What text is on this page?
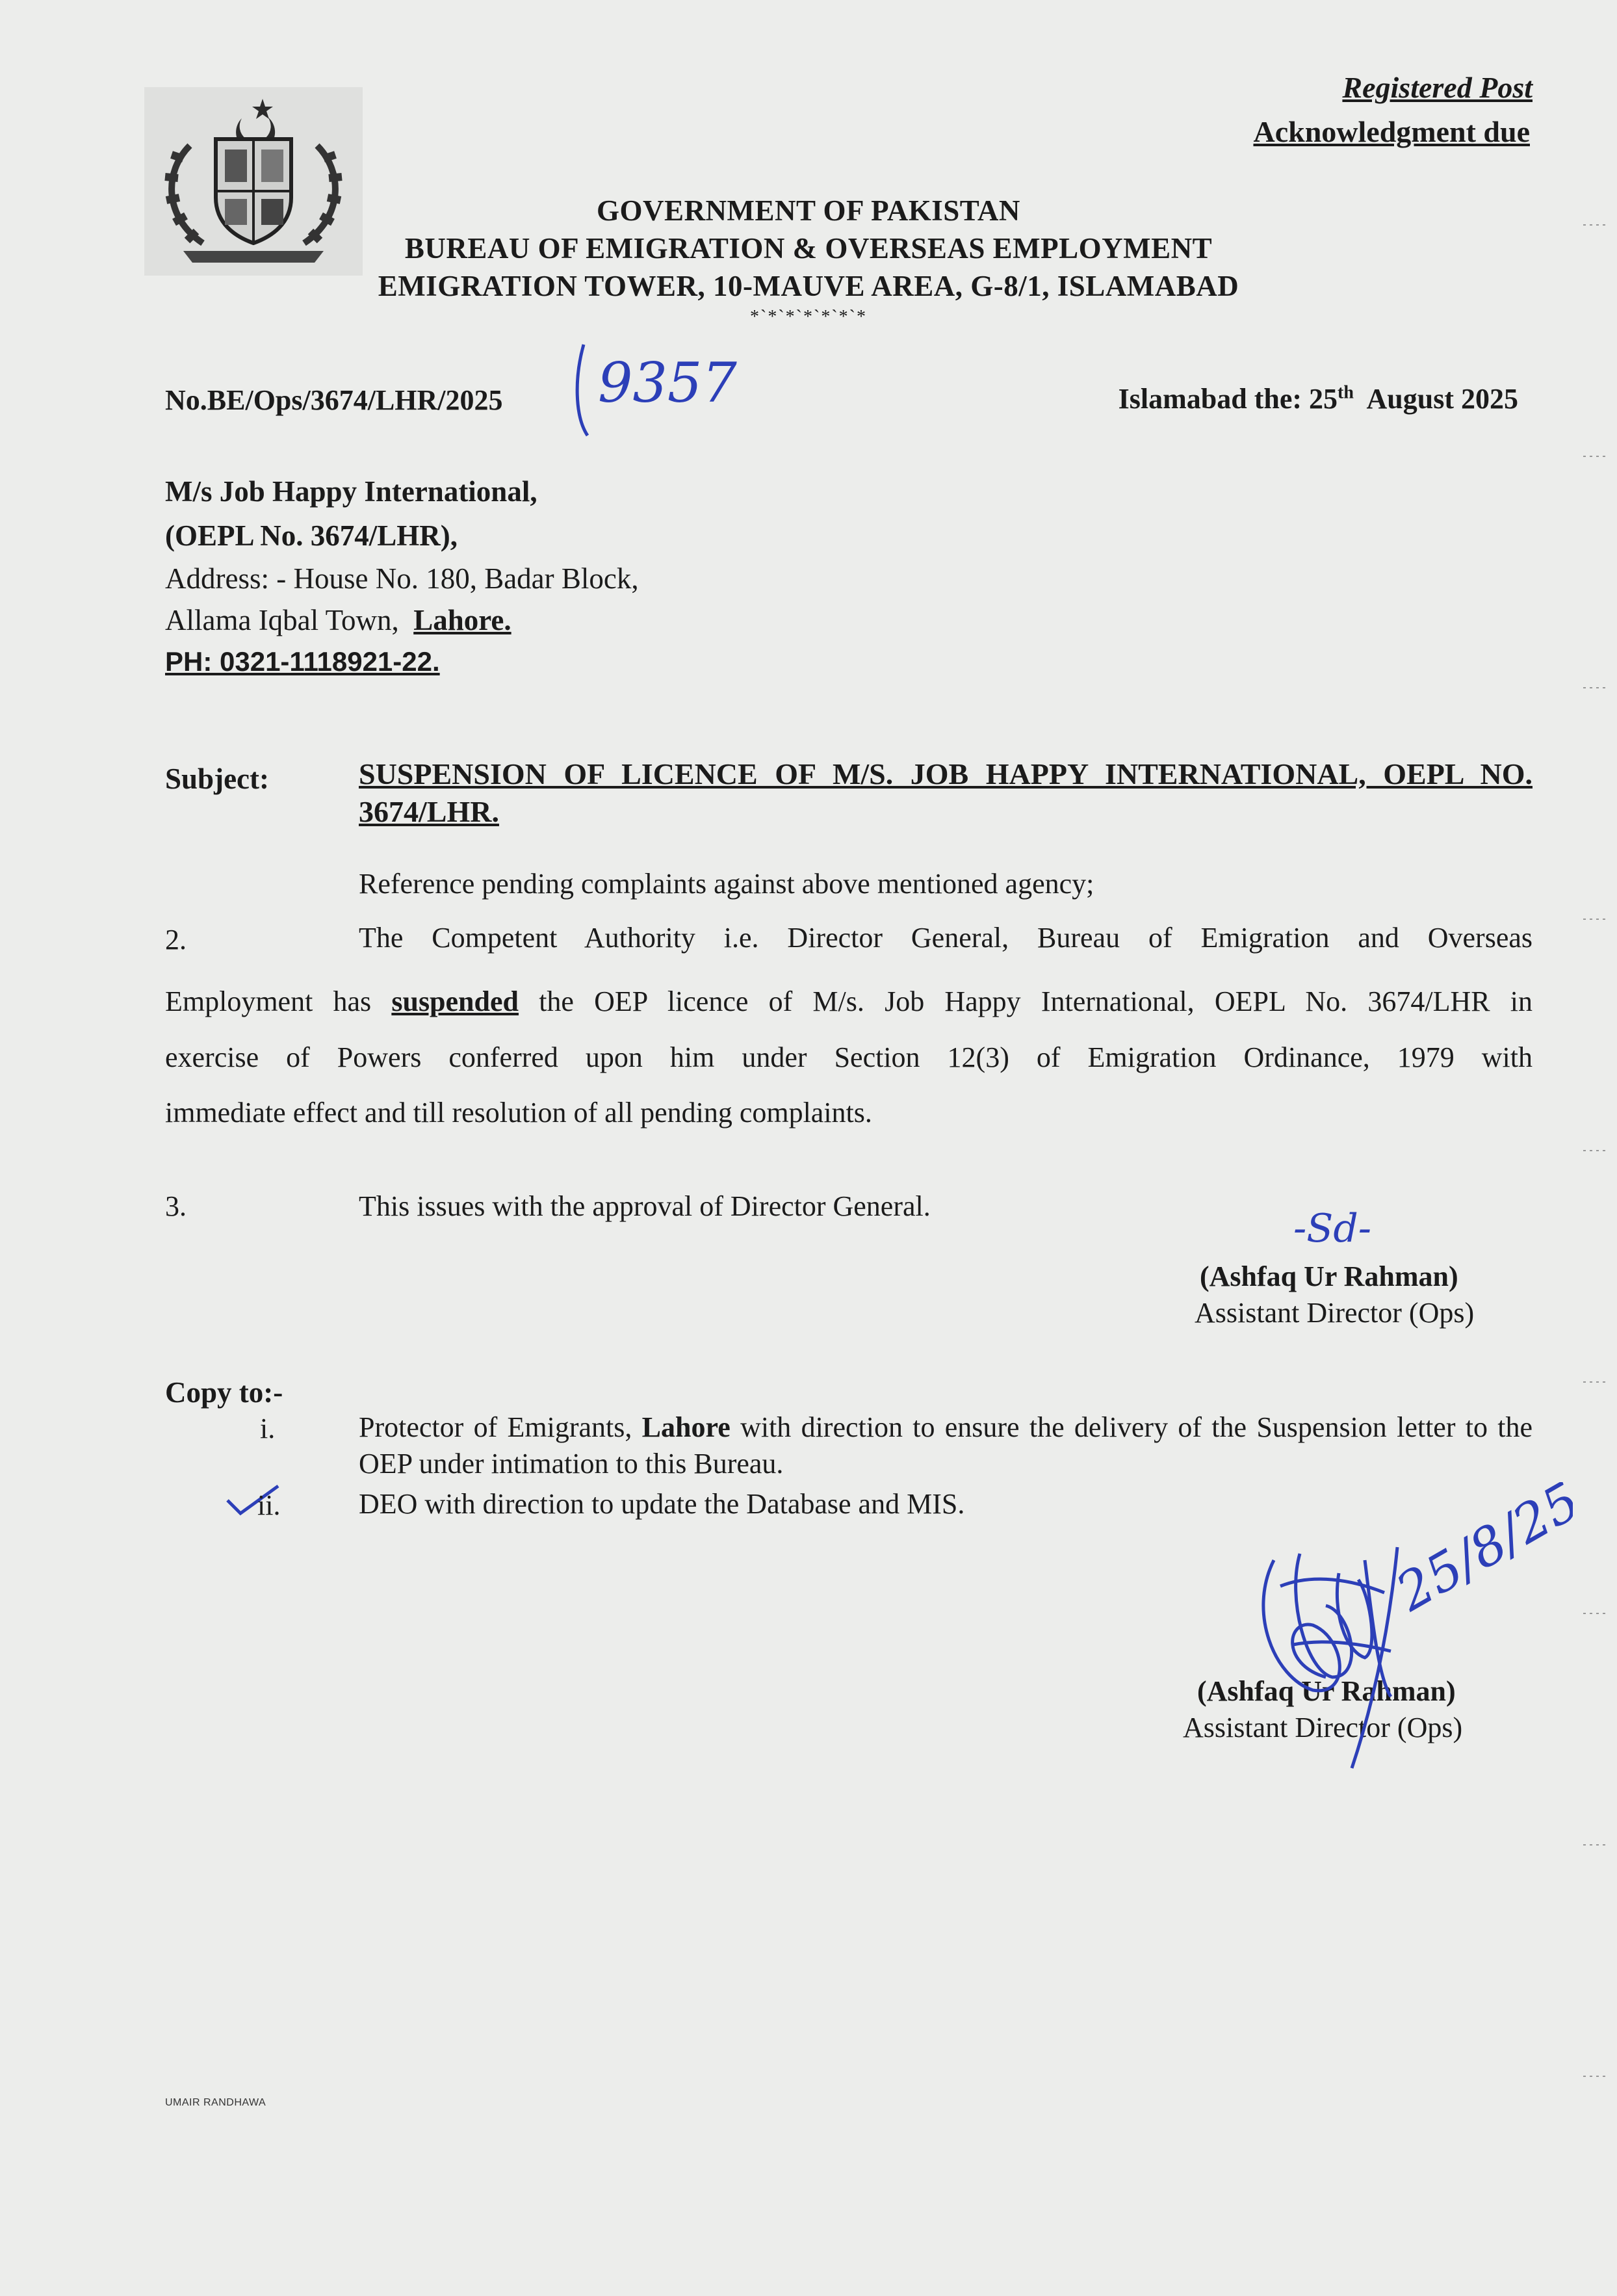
Registered Post
Acknowledgment due
GOVERNMENT OF PAKISTAN
BUREAU OF EMIGRATION & OVERSEAS EMPLOYMENT
EMIGRATION TOWER, 10-MAUVE AREA, G-8/1, ISLAMABAD
*`*`*`*`*`*`*
No.BE/Ops/3674/LHR/2025 9357	Islamabad the: 25th August 2025
M/s Job Happy International,
(OEPL No. 3674/LHR),
Address: - House No. 180, Badar Block,
Allama Iqbal Town, Lahore.
PH: 0321-1118921-22.
Subject:	SUSPENSION OF LICENCE OF M/S. JOB HAPPY INTERNATIONAL, OEPL NO. 3674/LHR.
Reference pending complaints against above mentioned agency;
2.	The Competent Authority i.e. Director General, Bureau of Emigration and Overseas
Employment has suspended the OEP licence of M/s. Job Happy International, OEPL No. 3674/LHR in
exercise of Powers conferred upon him under Section 12(3) of Emigration Ordinance, 1979 with
immediate effect and till resolution of all pending complaints.
3.	This issues with the approval of Director General.	-Sd-
(Ashfaq Ur Rahman)
Assistant Director (Ops)
Copy to:-
i.	Protector of Emigrants, Lahore with direction to ensure the delivery of the Suspension letter to the OEP under intimation to this Bureau.
ii.	DEO with direction to update the Database and MIS.
(Ashfaq Ur Rahman)
Assistant Director (Ops)
25/8/25
UMAIR RANDHAWA
